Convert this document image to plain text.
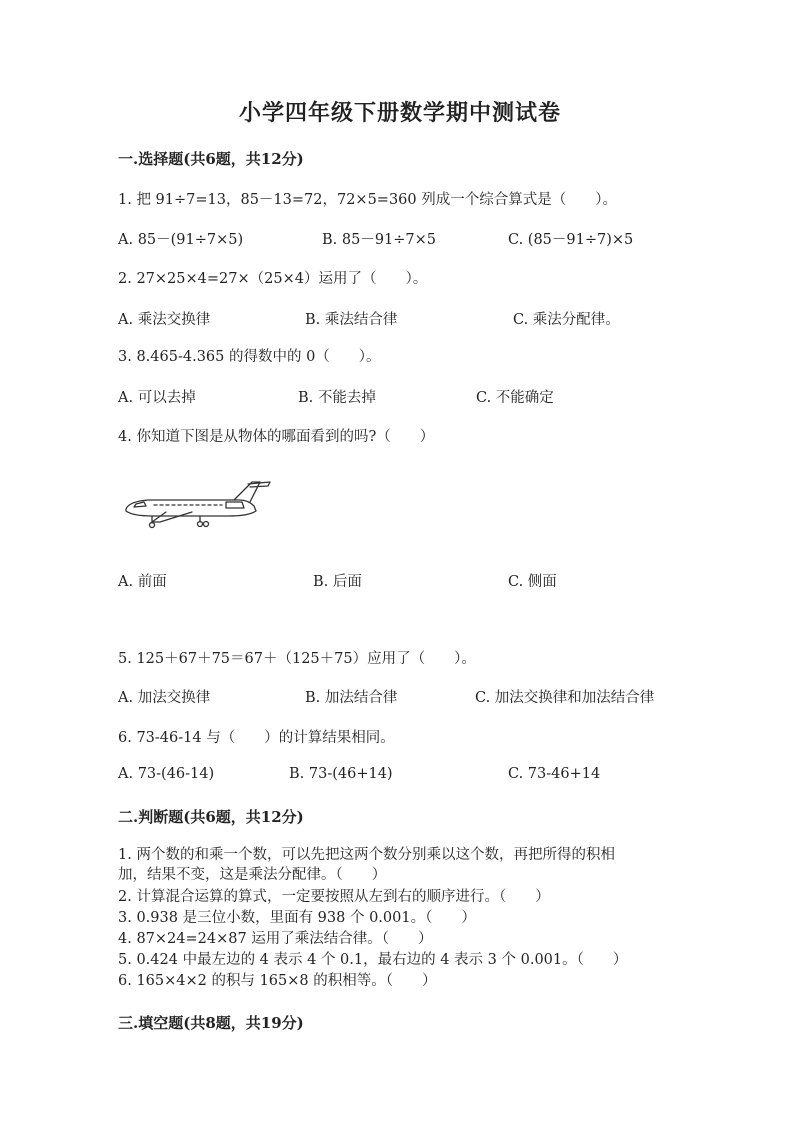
小学四年级下册数学期中测试卷
一.选择题(共6题，共12分)
1. 把 91÷7=13，85－13=72，72×5=360 列成一个综合算式是（　　）。
A. 85－(91÷7×5)	B. 85－91÷7×5	C. (85－91÷7)×5
2. 27×25×4=27×（25×4）运用了（　　）。
A. 乘法交换律	B. 乘法结合律	C. 乘法分配律。
3. 8.465-4.365 的得数中的 0（　　）。
A. 可以去掉	B. 不能去掉	C. 不能确定
4. 你知道下图是从物体的哪面看到的吗?（　　）
A. 前面	B. 后面	C. 侧面
5. 125＋67＋75＝67＋（125＋75）应用了（　　）。
A. 加法交换律	B. 加法结合律	C. 加法交换律和加法结合律
6. 73-46-14 与（　　）的计算结果相同。
A. 73-(46-14)	B. 73-(46+14)	C. 73-46+14
二.判断题(共6题，共12分)
1. 两个数的和乘一个数，可以先把这两个数分别乘以这个数，再把所得的积相
加，结果不变，这是乘法分配律。（　　）
2. 计算混合运算的算式，一定要按照从左到右的顺序进行。（　　）
3. 0.938 是三位小数，里面有 938 个 0.001。（　　）
4. 87×24=24×87 运用了乘法结合律。（　　）
5. 0.424 中最左边的 4 表示 4 个 0.1，最右边的 4 表示 3 个 0.001。（　　）
6. 165×4×2 的积与 165×8 的积相等。（　　）
三.填空题(共8题，共19分)
